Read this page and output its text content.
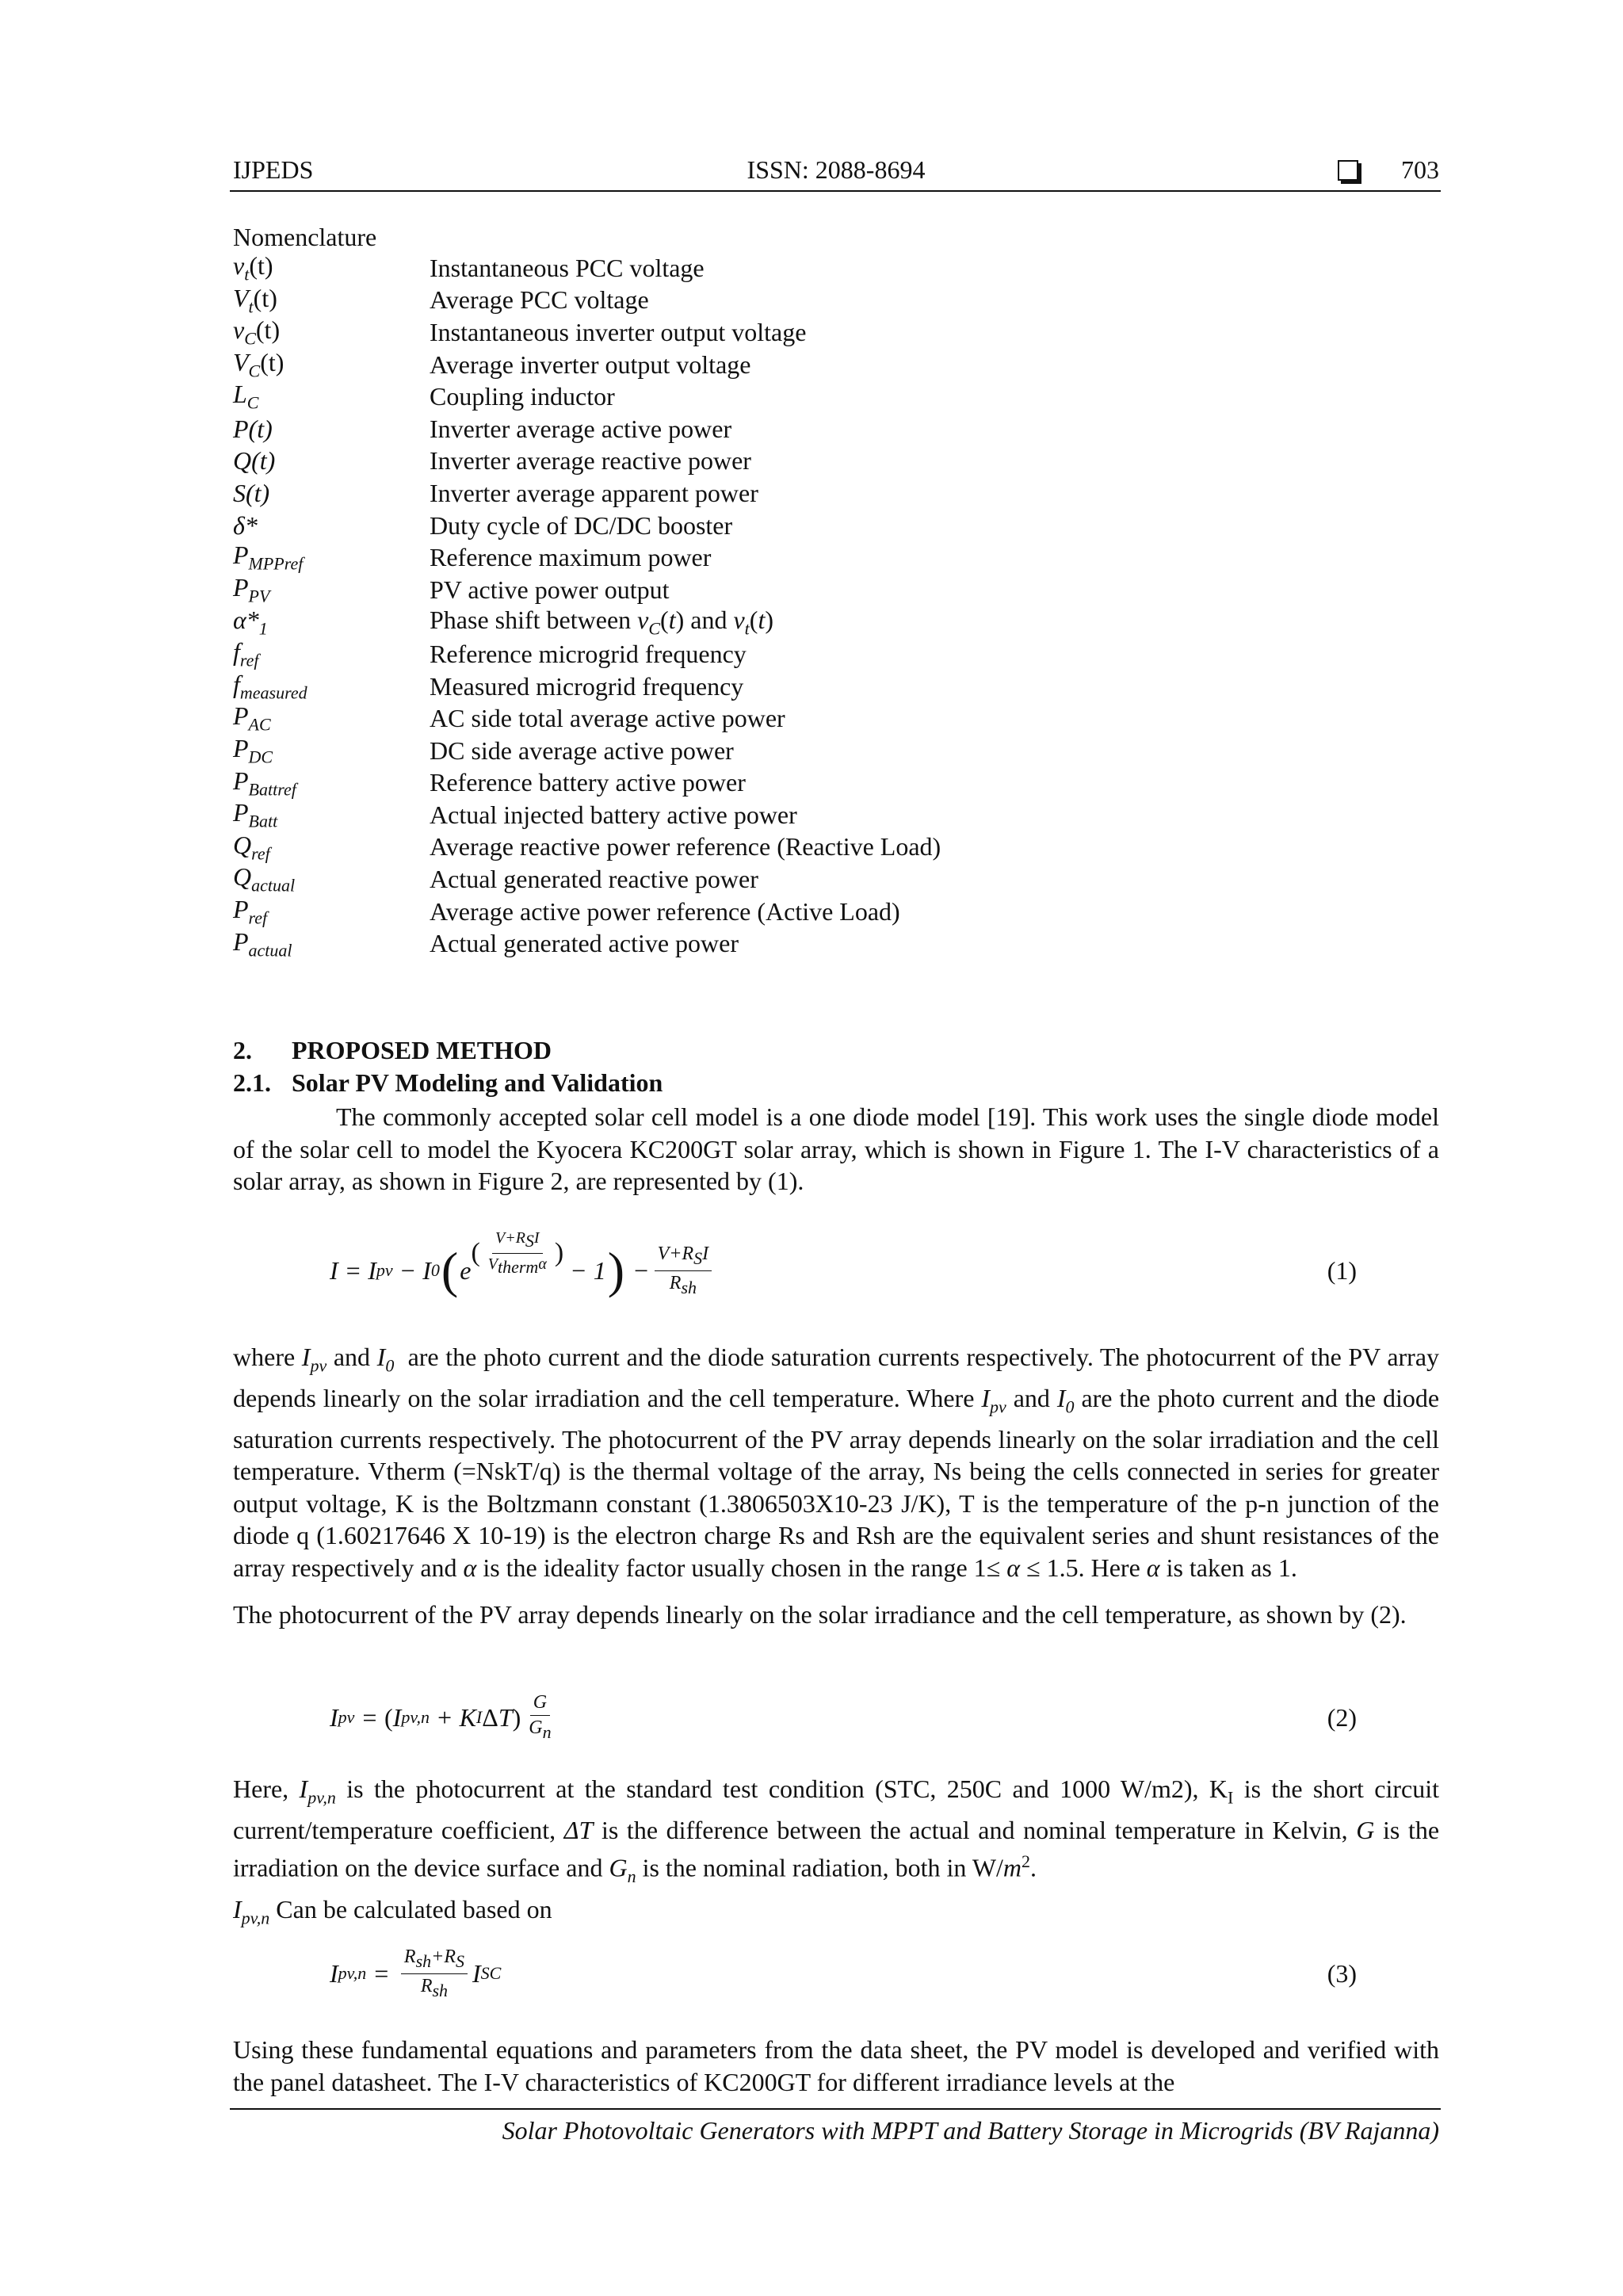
IJPEDS	ISSN: 2088-8694	703
Nomenclature
$v_t(t)$	Instantaneous PCC voltage
$V_t(t)$	Average PCC voltage
$v_C(t)$	Instantaneous inverter output voltage
$V_C(t)$	Average inverter output voltage
$L_C$	Coupling inductor
P(t)	Inverter average active power
Q(t)	Inverter average reactive power
S(t)	Inverter average apparent power
δ*	Duty cycle of DC/DC booster
$P_{MPPref}$	Reference maximum power
$P_{PV}$	PV active power output
$\alpha*_1$	Phase shift between $v_C(t)$ and $v_t(t)$
$f_{ref}$	Reference microgrid frequency
$f_{measured}$	Measured microgrid frequency
$P_{AC}$	AC side total average active power
$P_{DC}$	DC side average active power
$P_{Battref}$	Reference battery active power
$P_{Batt}$	Actual injected battery active power
$Q_{ref}$	Average reactive power reference (Reactive Load)
$Q_{actual}$	Actual generated reactive power
$P_{ref}$	Average active power reference (Active Load)
$P_{actual}$	Actual generated active power
2. PROPOSED METHOD
2.1. Solar PV Modeling and Validation
The commonly accepted solar cell model is a one diode model [19]. This work uses the single diode model of the solar cell to model the Kyocera KC200GT solar array, which is shown in Figure 1. The I-V characteristics of a solar array, as shown in Figure 2, are represented by (1).
I = I pv − I 0 ( e
( $\frac{V+R_SI}{V_{therm}\alpha}$ )
− 1 ) − $\frac{V+R_SI}{R_{sh}}$	(1)
where $I_{pv}$ and $I_0$ are the photo current and the diode saturation currents respectively. The photocurrent of the PV array depends linearly on the solar irradiation and the cell temperature. Where $I_{pv}$ and $I_0$ are the photo current and the diode saturation currents respectively. The photocurrent of the PV array depends linearly on the solar irradiation and the cell temperature. Vtherm (=NskT/q) is the thermal voltage of the array, Ns being the cells connected in series for greater output voltage, K is the Boltzmann constant (1.3806503X10-23 J/K), T is the temperature of the p-n junction of the diode q (1.60217646 X 10-19) is the electron charge Rs and Rsh are the equivalent series and shunt resistances of the array respectively and α is the ideality factor usually chosen in the range 1≤ α ≤ 1.5. Here α is taken as 1.
The photocurrent of the PV array depends linearly on the solar irradiance and the cell temperature, as shown by (2).
I pv = ( I pv,n + K I Δ T ) $\frac{G}{G_n}$	(2)
Here, $I_{pv,n}$ is the photocurrent at the standard test condition (STC, 250C and 1000 W/m2), $K_I$ is the short circuit current/temperature coefficient, ΔT is the difference between the actual and nominal temperature in Kelvin, G is the irradiation on the device surface and $G_n$ is the nominal radiation, both in $W/m^2$.
$I_{pv,n}$ Can be calculated based on
I $pv,n = \frac{R_{sh}+R_S}{R_{sh}}$ I SC	(3)
Using these fundamental equations and parameters from the data sheet, the PV model is developed and verified with the panel datasheet. The I-V characteristics of KC200GT for different irradiance levels at the
Solar Photovoltaic Generators with MPPT and Battery Storage in Microgrids (BV Rajanna)
